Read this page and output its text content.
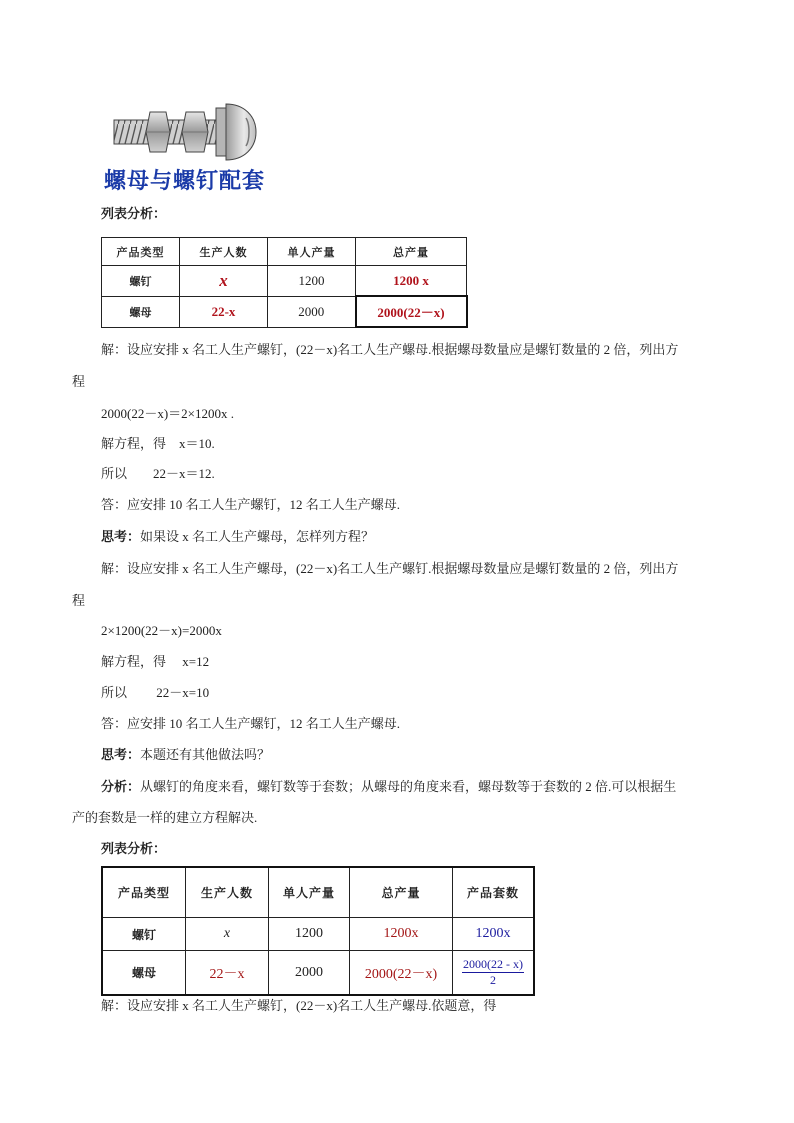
螺母与螺钉配套
列表分析：
产品类型	生产人数	单人产量	总产量
螺钉	x	1200	1200 x
螺母	22-x	2000	2000(22－x)
解：设应安排 x 名工人生产螺钉，(22－x)名工人生产螺母.根据螺母数量应是螺钉数量的 2 倍，列出方
程
2000(22－x)＝2×1200x .
解方程，得　x＝10.
所以　　22－x＝12.
答：应安排 10 名工人生产螺钉，12 名工人生产螺母.
思考：如果设 x 名工人生产螺母，怎样列方程？
解：设应安排 x 名工人生产螺母，(22－x)名工人生产螺钉.根据螺母数量应是螺钉数量的 2 倍，列出方
程
2×1200(22－x)=2000x
解方程，得　 x=12
所以　　 22－x=10
答：应安排 10 名工人生产螺钉，12 名工人生产螺母.
思考：本题还有其他做法吗？
分析：从螺钉的角度来看，螺钉数等于套数；从螺母的角度来看，螺母数等于套数的 2 倍.可以根据生
产的套数是一样的建立方程解决.
列表分析：
产品类型	生产人数	单人产量	总产量	产品套数
螺钉	x	1200	1200x	1200x
螺母	22－x	2000	2000(22－x)	$\frac{2000(22 - x)}{2}$
解：设应安排 x 名工人生产螺钉，(22－x)名工人生产螺母.依题意，得
